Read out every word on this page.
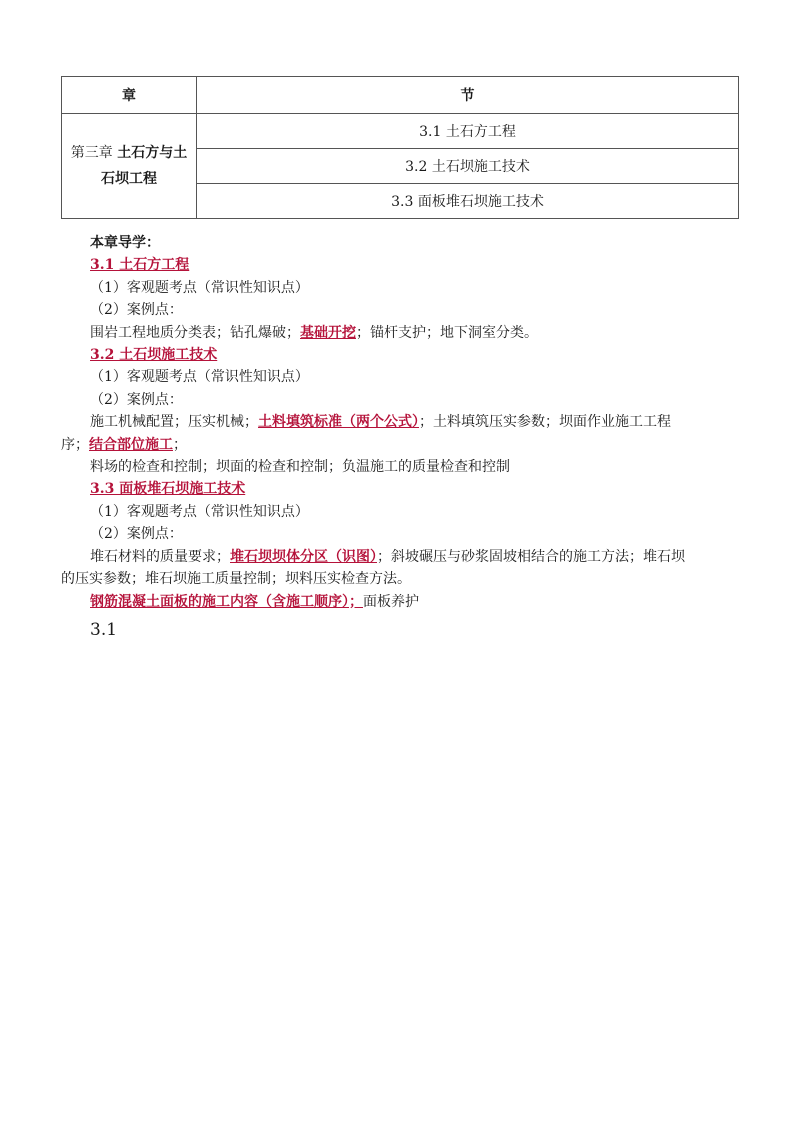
章	节
第三章 土石方与土
石坝工程	3.1 土石方工程
	3.2 土石坝施工技术
	3.3 面板堆石坝施工技术
本章导学：
3.1 土石方工程
（1）客观题考点（常识性知识点）
（2）案例点：
围岩工程地质分类表；钻孔爆破；基础开挖；锚杆支护；地下洞室分类。
3.2 土石坝施工技术
（1）客观题考点（常识性知识点）
（2）案例点：
施工机械配置；压实机械；土料填筑标准（两个公式）；土料填筑压实参数；坝面作业施工工程
序；结合部位施工；
料场的检查和控制；坝面的检查和控制；负温施工的质量检查和控制
3.3 面板堆石坝施工技术
（1）客观题考点（常识性知识点）
（2）案例点：
堆石材料的质量要求；堆石坝坝体分区（识图）；斜坡碾压与砂浆固坡相结合的施工方法；堆石坝
的压实参数；堆石坝施工质量控制；坝料压实检查方法。
钢筋混凝土面板的施工内容（含施工顺序）；面板养护
3.1
